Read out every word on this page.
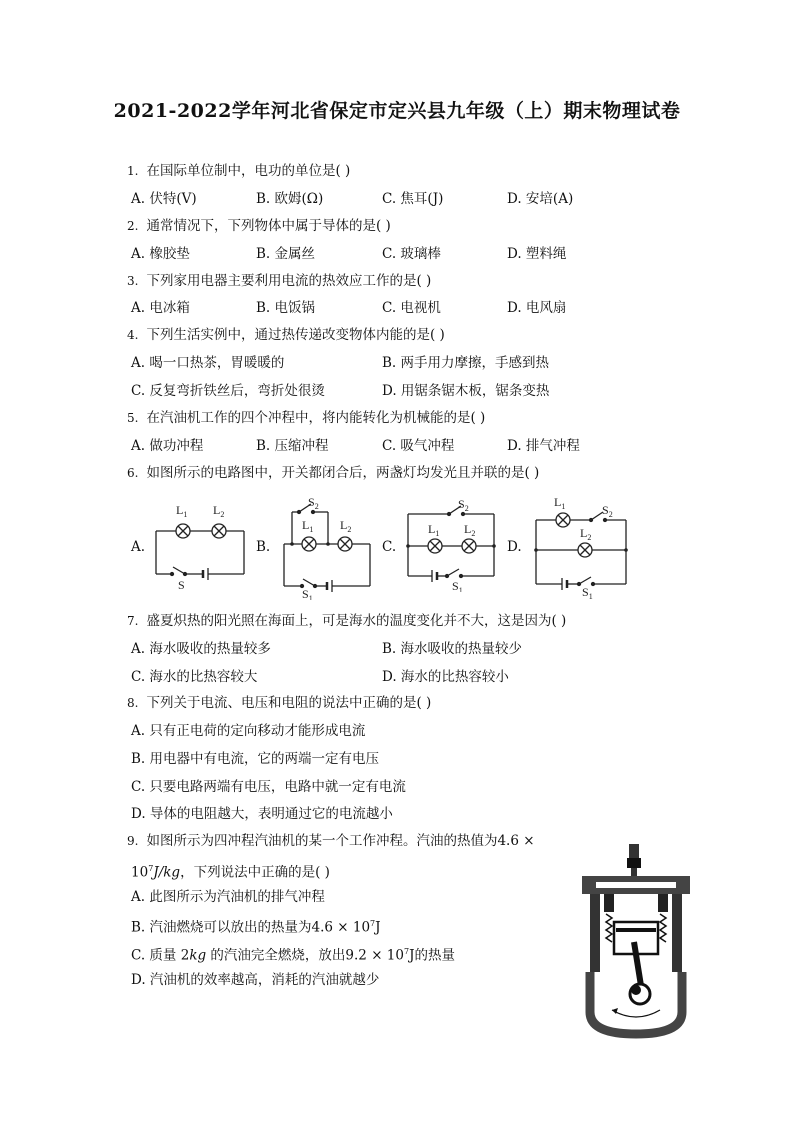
2021-2022学年河北省保定市定兴县九年级（上）期末物理试卷
1. 在国际单位制中，电功的单位是( )
A. 伏特(V)	B. 欧姆(Ω)	C. 焦耳(J)	D. 安培(A)
2. 通常情况下，下列物体中属于导体的是( )
A. 橡胶垫	B. 金属丝	C. 玻璃棒	D. 塑料绳
3. 下列家用电器主要利用电流的热效应工作的是( )
A. 电冰箱	B. 电饭锅	C. 电视机	D. 电风扇
4. 下列生活实例中，通过热传递改变物体内能的是( )
A. 喝一口热茶，胃暖暖的	B. 两手用力摩擦，手感到热
C. 反复弯折铁丝后，弯折处很烫	D. 用锯条锯木板，锯条变热
5. 在汽油机工作的四个冲程中，将内能转化为机械能的是( )
A. 做功冲程	B. 压缩冲程	C. 吸气冲程	D. 排气冲程
6. 如图所示的电路图中，开关都闭合后，两盏灯均发光且并联的是( )
A.	B.	C.	D.
$L_1$ $L_2$
S
$S_2$
$L_1$ $L_2$
$S_1$
$S_2$
$L_1$ $L_2$
$S_1$
$L_1$	$S_2$
$L_2$
$S_1$
7. 盛夏炽热的阳光照在海面上，可是海水的温度变化并不大，这是因为( )
A. 海水吸收的热量较多	B. 海水吸收的热量较少
C. 海水的比热容较大	D. 海水的比热容较小
8. 下列关于电流、电压和电阻的说法中正确的是( )
A. 只有正电荷的定向移动才能形成电流
B. 用电器中有电流，它的两端一定有电压
C. 只要电路两端有电压，电路中就一定有电流
D. 导体的电阻越大，表明通过它的电流越小
9. 如图所示为四冲程汽油机的某一个工作冲程。汽油的热值为4.6 ×
$10^7J/kg$，下列说法中正确的是( )
A. 此图所示为汽油机的排气冲程
B. 汽油燃烧可以放出的热量为$4.6 \times 10^7J$
C. 质量 2kg 的汽油完全燃烧，放出$9.2 \times 10^7J$的热量
D. 汽油机的效率越高，消耗的汽油就越少
